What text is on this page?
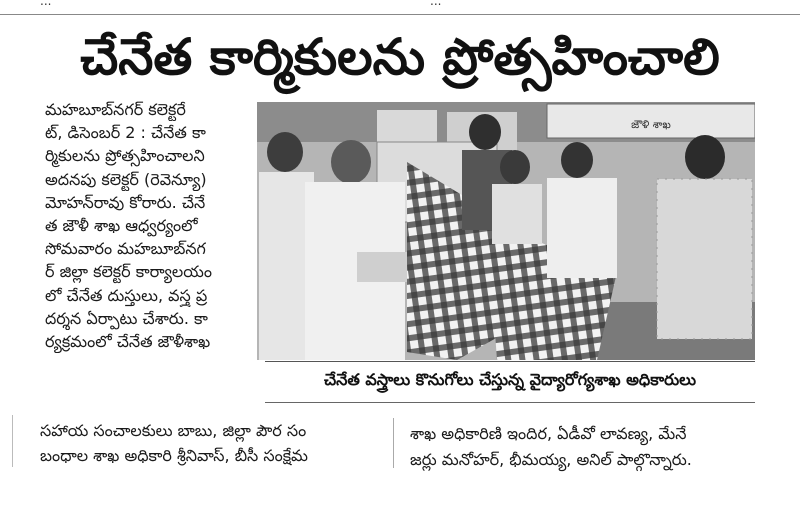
...	...
చేనేత కార్మికులను ప్రోత్సహించాలి
మహబూబ్‌నగర్ కలెక్టరే
ట్, డిసెంబర్ 2 : చేనేత కా
ర్మికులను ప్రోత్సహించాలని
అదనపు కలెక్టర్ (రెవెన్యూ)
మోహన్‌రావు కోరారు. చేనే
త జౌళీ శాఖ ఆధ్వర్యంలో
సోమవారం మహబూబ్‌నగ
ర్ జిల్లా కలెక్టర్ కార్యాలయం
లో చేనేత దుస్తులు, వస్త్ర ప్ర
దర్శన ఏర్పాటు చేశారు. కా
ర్యక్రమంలో చేనేత జౌళీశాఖ
జౌళి శాఖ
చేనేత వస్త్రాలు కొనుగోలు చేస్తున్న వైద్యారోగ్యశాఖ అధికారులు
సహాయ సంచాలకులు బాబు, జిల్లా పౌర సం
బంధాల శాఖ అధికారి శ్రీనివాస్, బీసీ సంక్షేమ
శాఖ అధికారిణి ఇందిర, ఏడీవో లావణ్య, మేనే
జర్లు మనోహర్, భీమయ్య, అనిల్ పాల్గొన్నారు.
